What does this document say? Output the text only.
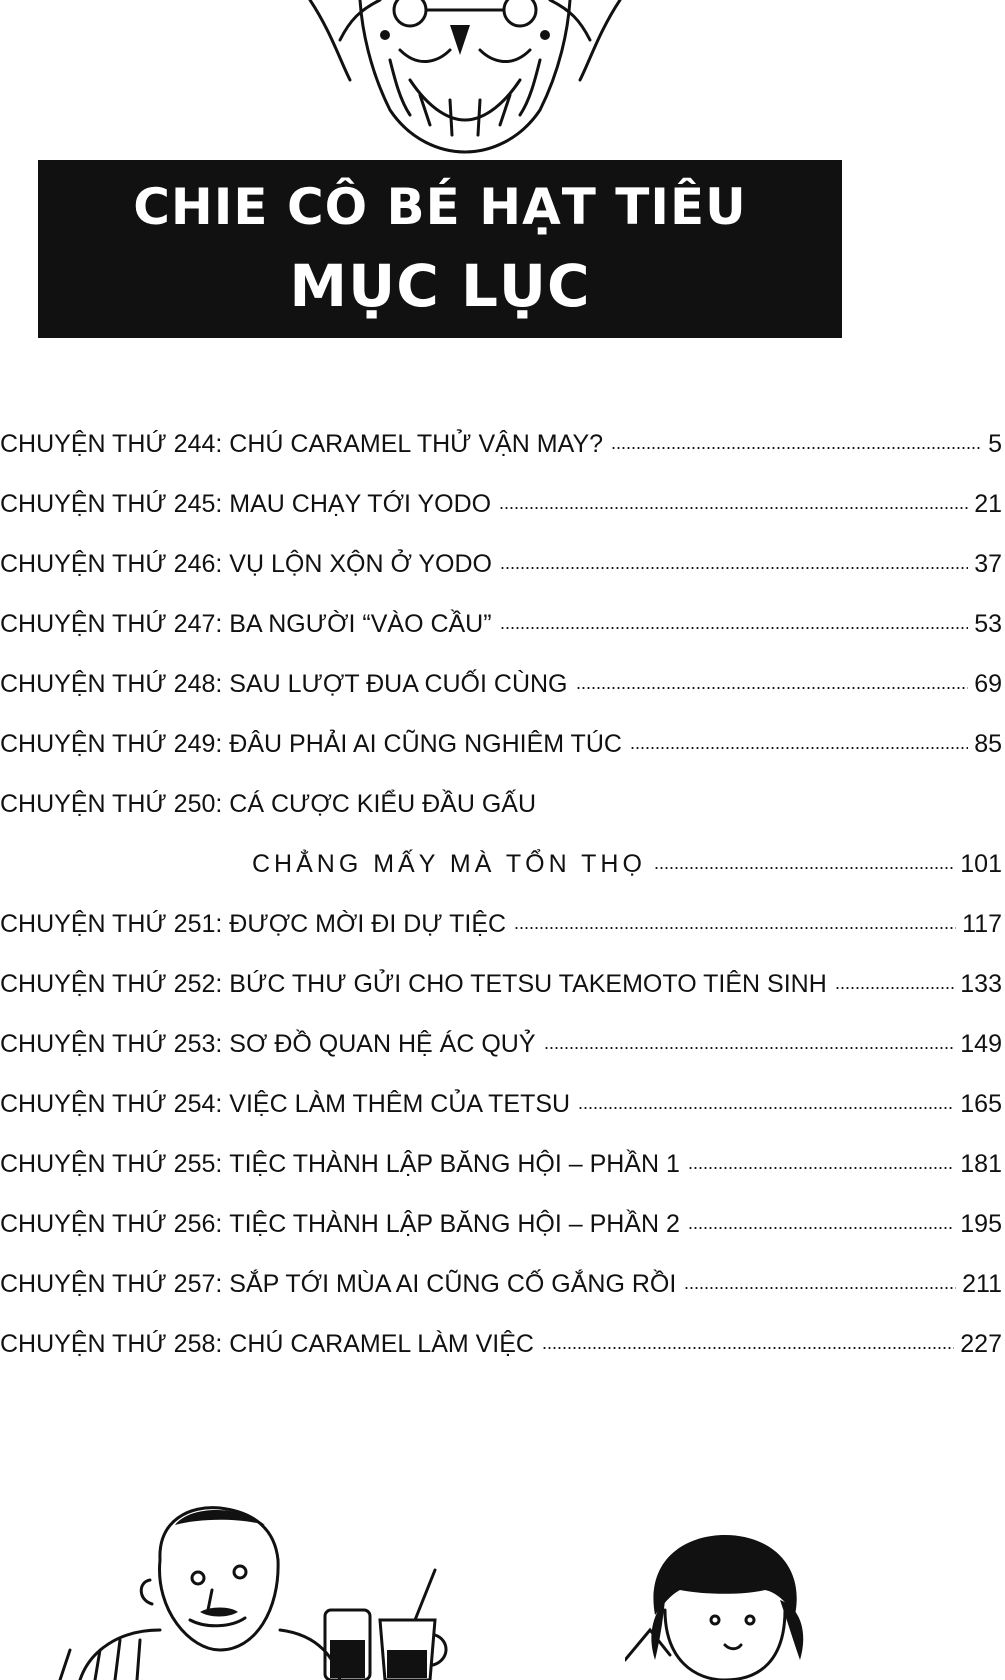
CHIE CÔ BÉ HẠT TIÊU
MỤC LỤC
CHUYỆN THỨ 244:
CHÚ CARAMEL THỬ VẬN MAY?	5
CHUYỆN THỨ 245:
MAU CHẠY TỚI YODO	21
CHUYỆN THỨ 246:
VỤ LỘN XỘN Ở YODO	37
CHUYỆN THỨ 247:
BA NGƯỜI “VÀO CẦU”	53
CHUYỆN THỨ 248:
SAU LƯỢT ĐUA CUỐI CÙNG	69
CHUYỆN THỨ 249:
ĐÂU PHẢI AI CŨNG NGHIÊM TÚC	85
CHUYỆN THỨ 250:
CÁ CƯỢC KIỂU ĐẦU GẤU
CHẲNG MẤY MÀ TỔN THỌ	101
CHUYỆN THỨ 251:
ĐƯỢC MỜI ĐI DỰ TIỆC	117
CHUYỆN THỨ 252:
BỨC THƯ GỬI CHO TETSU TAKEMOTO TIÊN SINH	133
CHUYỆN THỨ 253:
SƠ ĐỒ QUAN HỆ ÁC QUỶ	149
CHUYỆN THỨ 254:
VIỆC LÀM THÊM CỦA TETSU	165
CHUYỆN THỨ 255:
TIỆC THÀNH LẬP BĂNG HỘI – PHẦN 1	181
CHUYỆN THỨ 256:
TIỆC THÀNH LẬP BĂNG HỘI – PHẦN 2	195
CHUYỆN THỨ 257:
SẮP TỚI MÙA AI CŨNG CỐ GẮNG RỒI	211
CHUYỆN THỨ 258:
CHÚ CARAMEL LÀM VIỆC	227
